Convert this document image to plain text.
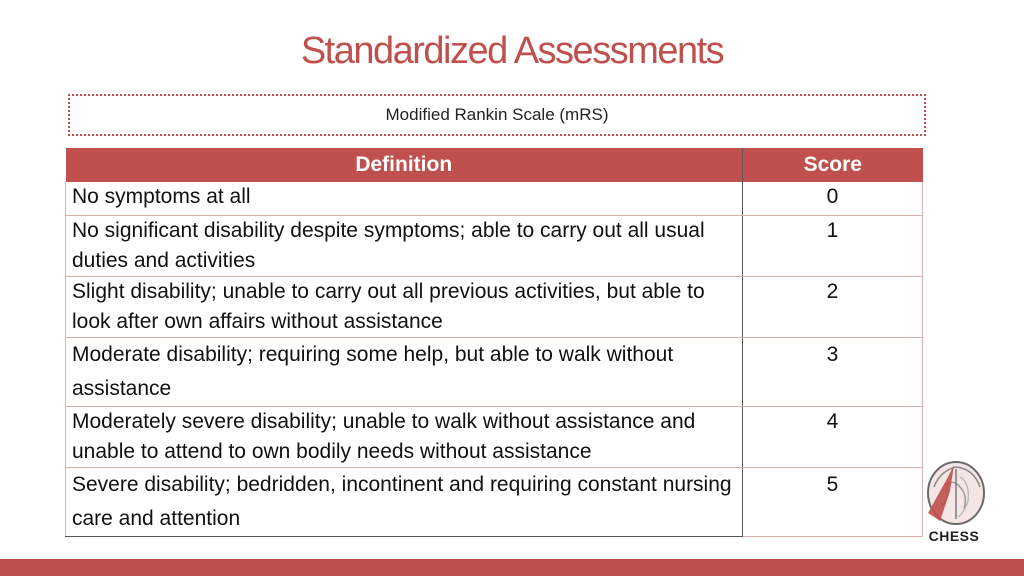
Standardized Assessments
Modified Rankin Scale (mRS)
Definition	Score
No symptoms at all	0
No significant disability despite symptoms; able to carry out all usual duties and activities	1
Slight disability; unable to carry out all previous activities, but able to look after own affairs without assistance	2
Moderate disability; requiring some help, but able to walk without assistance	3
Moderately severe disability; unable to walk without assistance and unable to attend to own bodily needs without assistance	4
Severe disability; bedridden, incontinent and requiring constant nursing care and attention	5
CHESS
